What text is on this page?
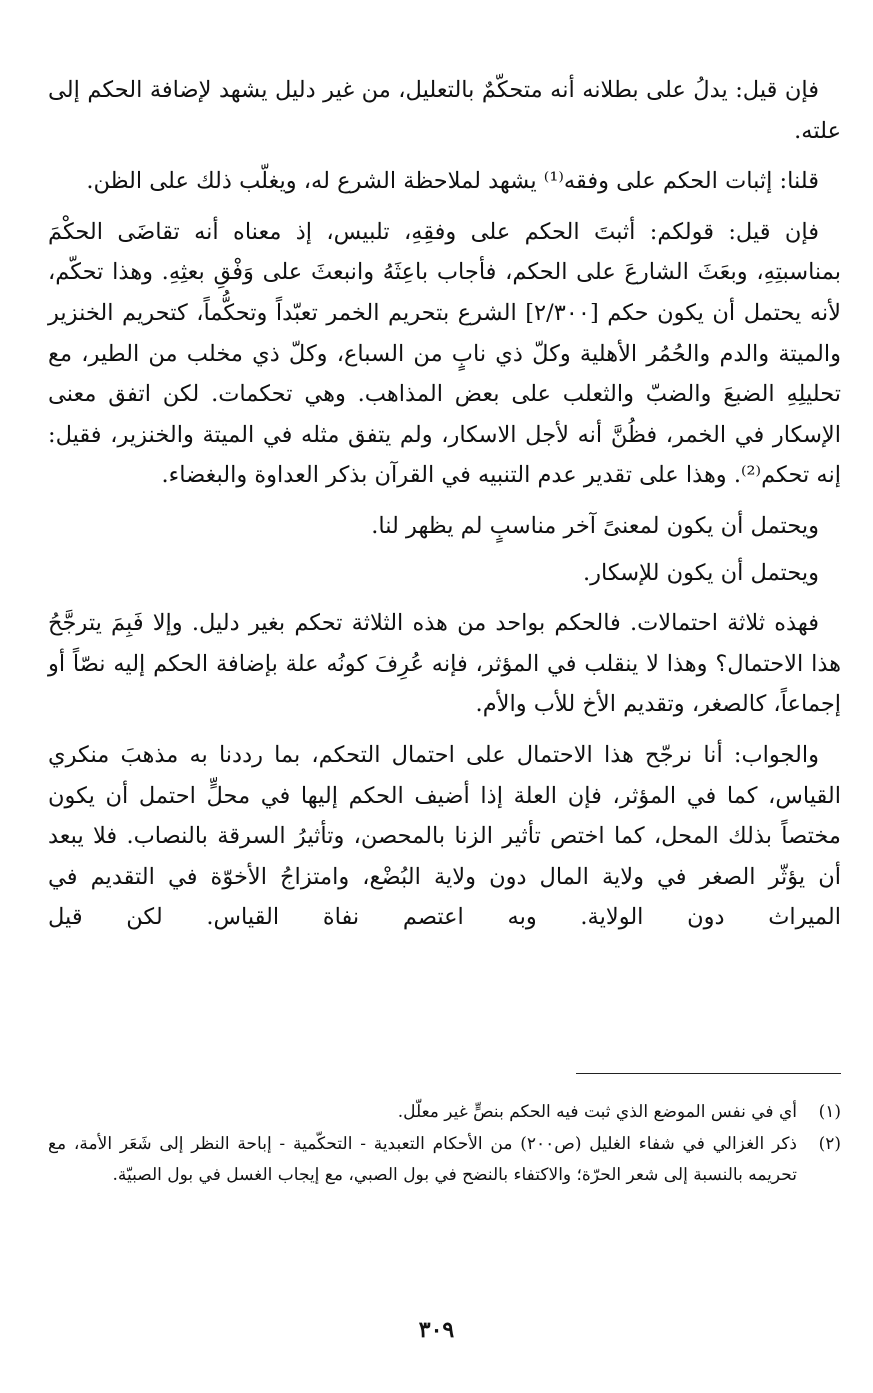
فإن قيل: يدلُ على بطلانه أنه متحكّمٌ بالتعليل، من غير دليل يشهد لإضافة الحكم إلى علته.

قلنا: إثبات الحكم على وفقه⁽¹⁾ يشهد لملاحظة الشرع له، ويغلّب ذلك على الظن.

فإن قيل: قولكم: أثبتَ الحكم على وفقِهِ، تلبيس، إذ معناه أنه تقاضَى الحكْمَ بمناسبتِهِ، وبعَثَ الشارعَ على الحكم، فأجاب باعِثَهُ وانبعثَ على وَفْقِ بعثِهِ. وهذا تحكّم، لأنه يحتمل أن يكون حكم [٢/٣٠٠] الشرع بتحريم الخمر تعبّداً وتحكُّماً، كتحريم الخنزير والميتة والدم والحُمُر الأهلية وكلّ ذي نابٍ من السباع، وكلّ ذي مخلب من الطير، مع تحليلِهِ الضبعَ والضبّ والثعلب على بعض المذاهب. وهي تحكمات. لكن اتفق معنى الإسكار في الخمر، فظُنَّ أنه لأجل الاسكار، ولم يتفق مثله في الميتة والخنزير، فقيل: إنه تحكم⁽²⁾. وهذا على تقدير عدم التنبيه في القرآن بذكر العداوة والبغضاء.

ويحتمل أن يكون لمعنىً آخر مناسبٍ لم يظهر لنا.

ويحتمل أن يكون للإسكار.

فهذه ثلاثة احتمالات. فالحكم بواحد من هذه الثلاثة تحكم بغير دليل. وإلا فَبِمَ يترجَّحُ هذا الاحتمال؟ وهذا لا ينقلب في المؤثر، فإنه عُرِفَ كونُه علة بإضافة الحكم إليه نصّاً أو إجماعاً، كالصغر، وتقديم الأخ للأب والأم.

والجواب: أنا نرجّح هذا الاحتمال على احتمال التحكم، بما رددنا به مذهبَ منكري القياس، كما في المؤثر، فإن العلة إذا أضيف الحكم إليها في محلٍّ احتمل أن يكون مختصاً بذلك المحل، كما اختص تأثير الزنا بالمحصن، وتأثيرُ السرقة بالنصاب. فلا يبعد أن يؤثّر الصغر في ولاية المال دون ولاية البُضْع، وامتزاجُ الأخوّة في التقديم في الميراث دون الولاية. وبه اعتصم نفاة القياس. لكن قيل

(١)
أي في نفس الموضع الذي ثبت فيه الحكم بنصٍّ غير معلّل.
(٢)
ذكر الغزالي في شفاء الغليل (ص٢٠٠) من الأحكام التعبدية - التحكّمية - إباحة النظر إلى شَعَر الأمة، مع تحريمه بالنسبة إلى شعر الحرّة؛ والاكتفاء بالنضح في بول الصبي، مع إيجاب الغسل في بول الصبيّة.
٣٠٩
